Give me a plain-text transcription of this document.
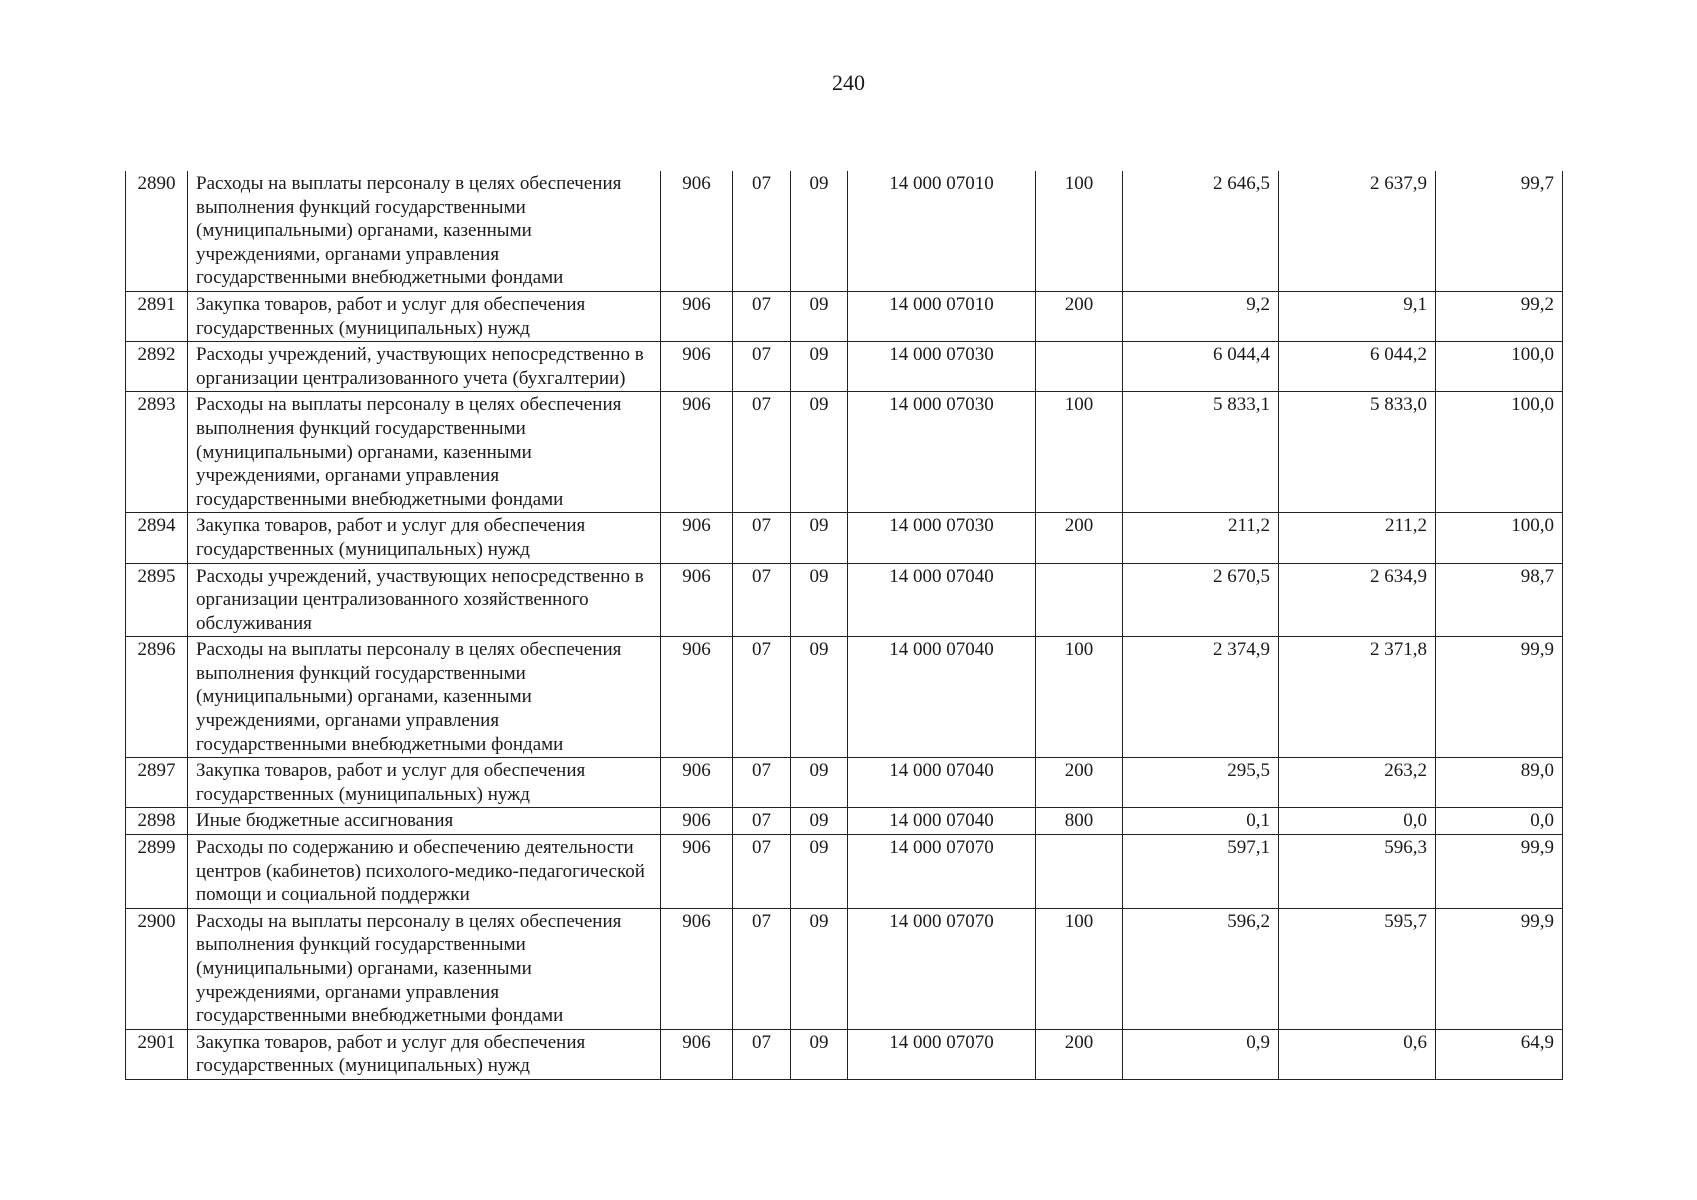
240
2890	Расходы на выплаты персоналу в целях обеспечения выполнения функций государственными (муниципальными) органами, казенными учреждениями, органами управления государственными внебюджетными фондами	906	07	09	14 000 07010	100	2 646,5	2 637,9	99,7
2891	Закупка товаров, работ и услуг для обеспечения государственных (муниципальных) нужд	906	07	09	14 000 07010	200	9,2	9,1	99,2
2892	Расходы учреждений, участвующих непосредственно в организации централизованного учета (бухгалтерии)	906	07	09	14 000 07030		6 044,4	6 044,2	100,0
2893	Расходы на выплаты персоналу в целях обеспечения выполнения функций государственными (муниципальными) органами, казенными учреждениями, органами управления государственными внебюджетными фондами	906	07	09	14 000 07030	100	5 833,1	5 833,0	100,0
2894	Закупка товаров, работ и услуг для обеспечения государственных (муниципальных) нужд	906	07	09	14 000 07030	200	211,2	211,2	100,0
2895	Расходы учреждений, участвующих непосредственно в организации централизованного хозяйственного обслуживания	906	07	09	14 000 07040		2 670,5	2 634,9	98,7
2896	Расходы на выплаты персоналу в целях обеспечения выполнения функций государственными (муниципальными) органами, казенными учреждениями, органами управления государственными внебюджетными фондами	906	07	09	14 000 07040	100	2 374,9	2 371,8	99,9
2897	Закупка товаров, работ и услуг для обеспечения государственных (муниципальных) нужд	906	07	09	14 000 07040	200	295,5	263,2	89,0
2898	Иные бюджетные ассигнования	906	07	09	14 000 07040	800	0,1	0,0	0,0
2899	Расходы по содержанию и обеспечению деятельности центров (кабинетов) психолого-медико-педагогической помощи и социальной поддержки	906	07	09	14 000 07070		597,1	596,3	99,9
2900	Расходы на выплаты персоналу в целях обеспечения выполнения функций государственными (муниципальными) органами, казенными учреждениями, органами управления государственными внебюджетными фондами	906	07	09	14 000 07070	100	596,2	595,7	99,9
2901	Закупка товаров, работ и услуг для обеспечения государственных (муниципальных) нужд	906	07	09	14 000 07070	200	0,9	0,6	64,9
